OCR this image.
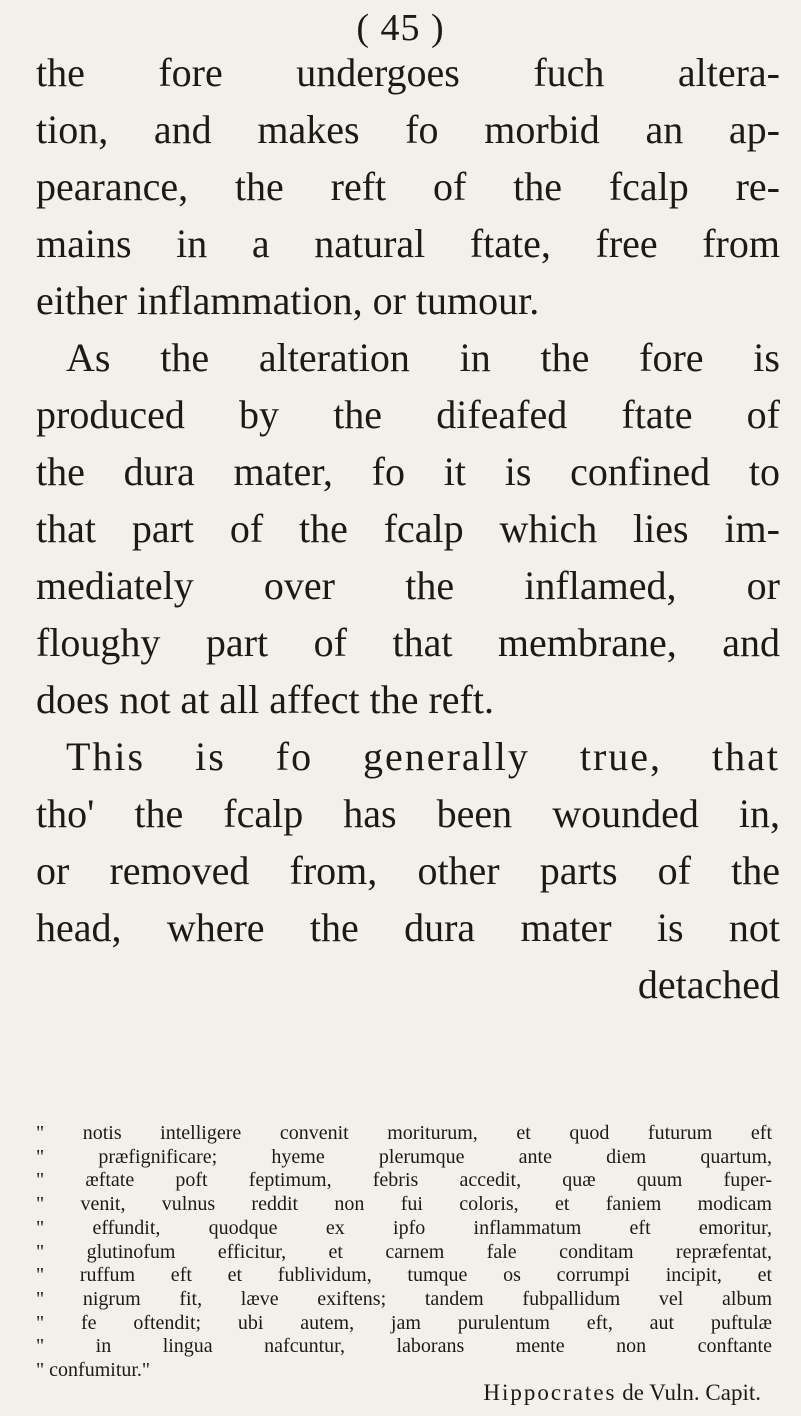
( 45 )
the fore undergoes fuch altera-
tion, and makes fo morbid an ap-
pearance, the reft of the fcalp re-
mains in a natural ftate, free from
either inflammation, or tumour.
As the alteration in the fore is
produced by the difeafed ftate of
the dura mater, fo it is confined to
that part of the fcalp which lies im-
mediately over the inflamed, or
floughy part of that membrane, and
does not at all affect the reft.
This is fo generally true, that
tho' the fcalp has been wounded in,
or removed from, other parts of the
head, where the dura mater is not
detached
" notis intelligere convenit moriturum, et quod futurum eft
" præfignificare; hyeme plerumque ante diem quartum,
" æftate poft feptimum, febris accedit, quæ quum fuper-
" venit, vulnus reddit non fui coloris, et faniem modicam
" effundit, quodque ex ipfo inflammatum eft emoritur,
" glutinofum efficitur, et carnem fale conditam repræfentat,
" ruffum eft et fublividum, tumque os corrumpi incipit, et
" nigrum fit, læve exiftens; tandem fubpallidum vel album
" fe oftendit; ubi autem, jam purulentum eft, aut puftulæ
" in lingua nafcuntur, laborans mente non conftante
" confumitur."
Hippocrates de Vuln. Capit.
